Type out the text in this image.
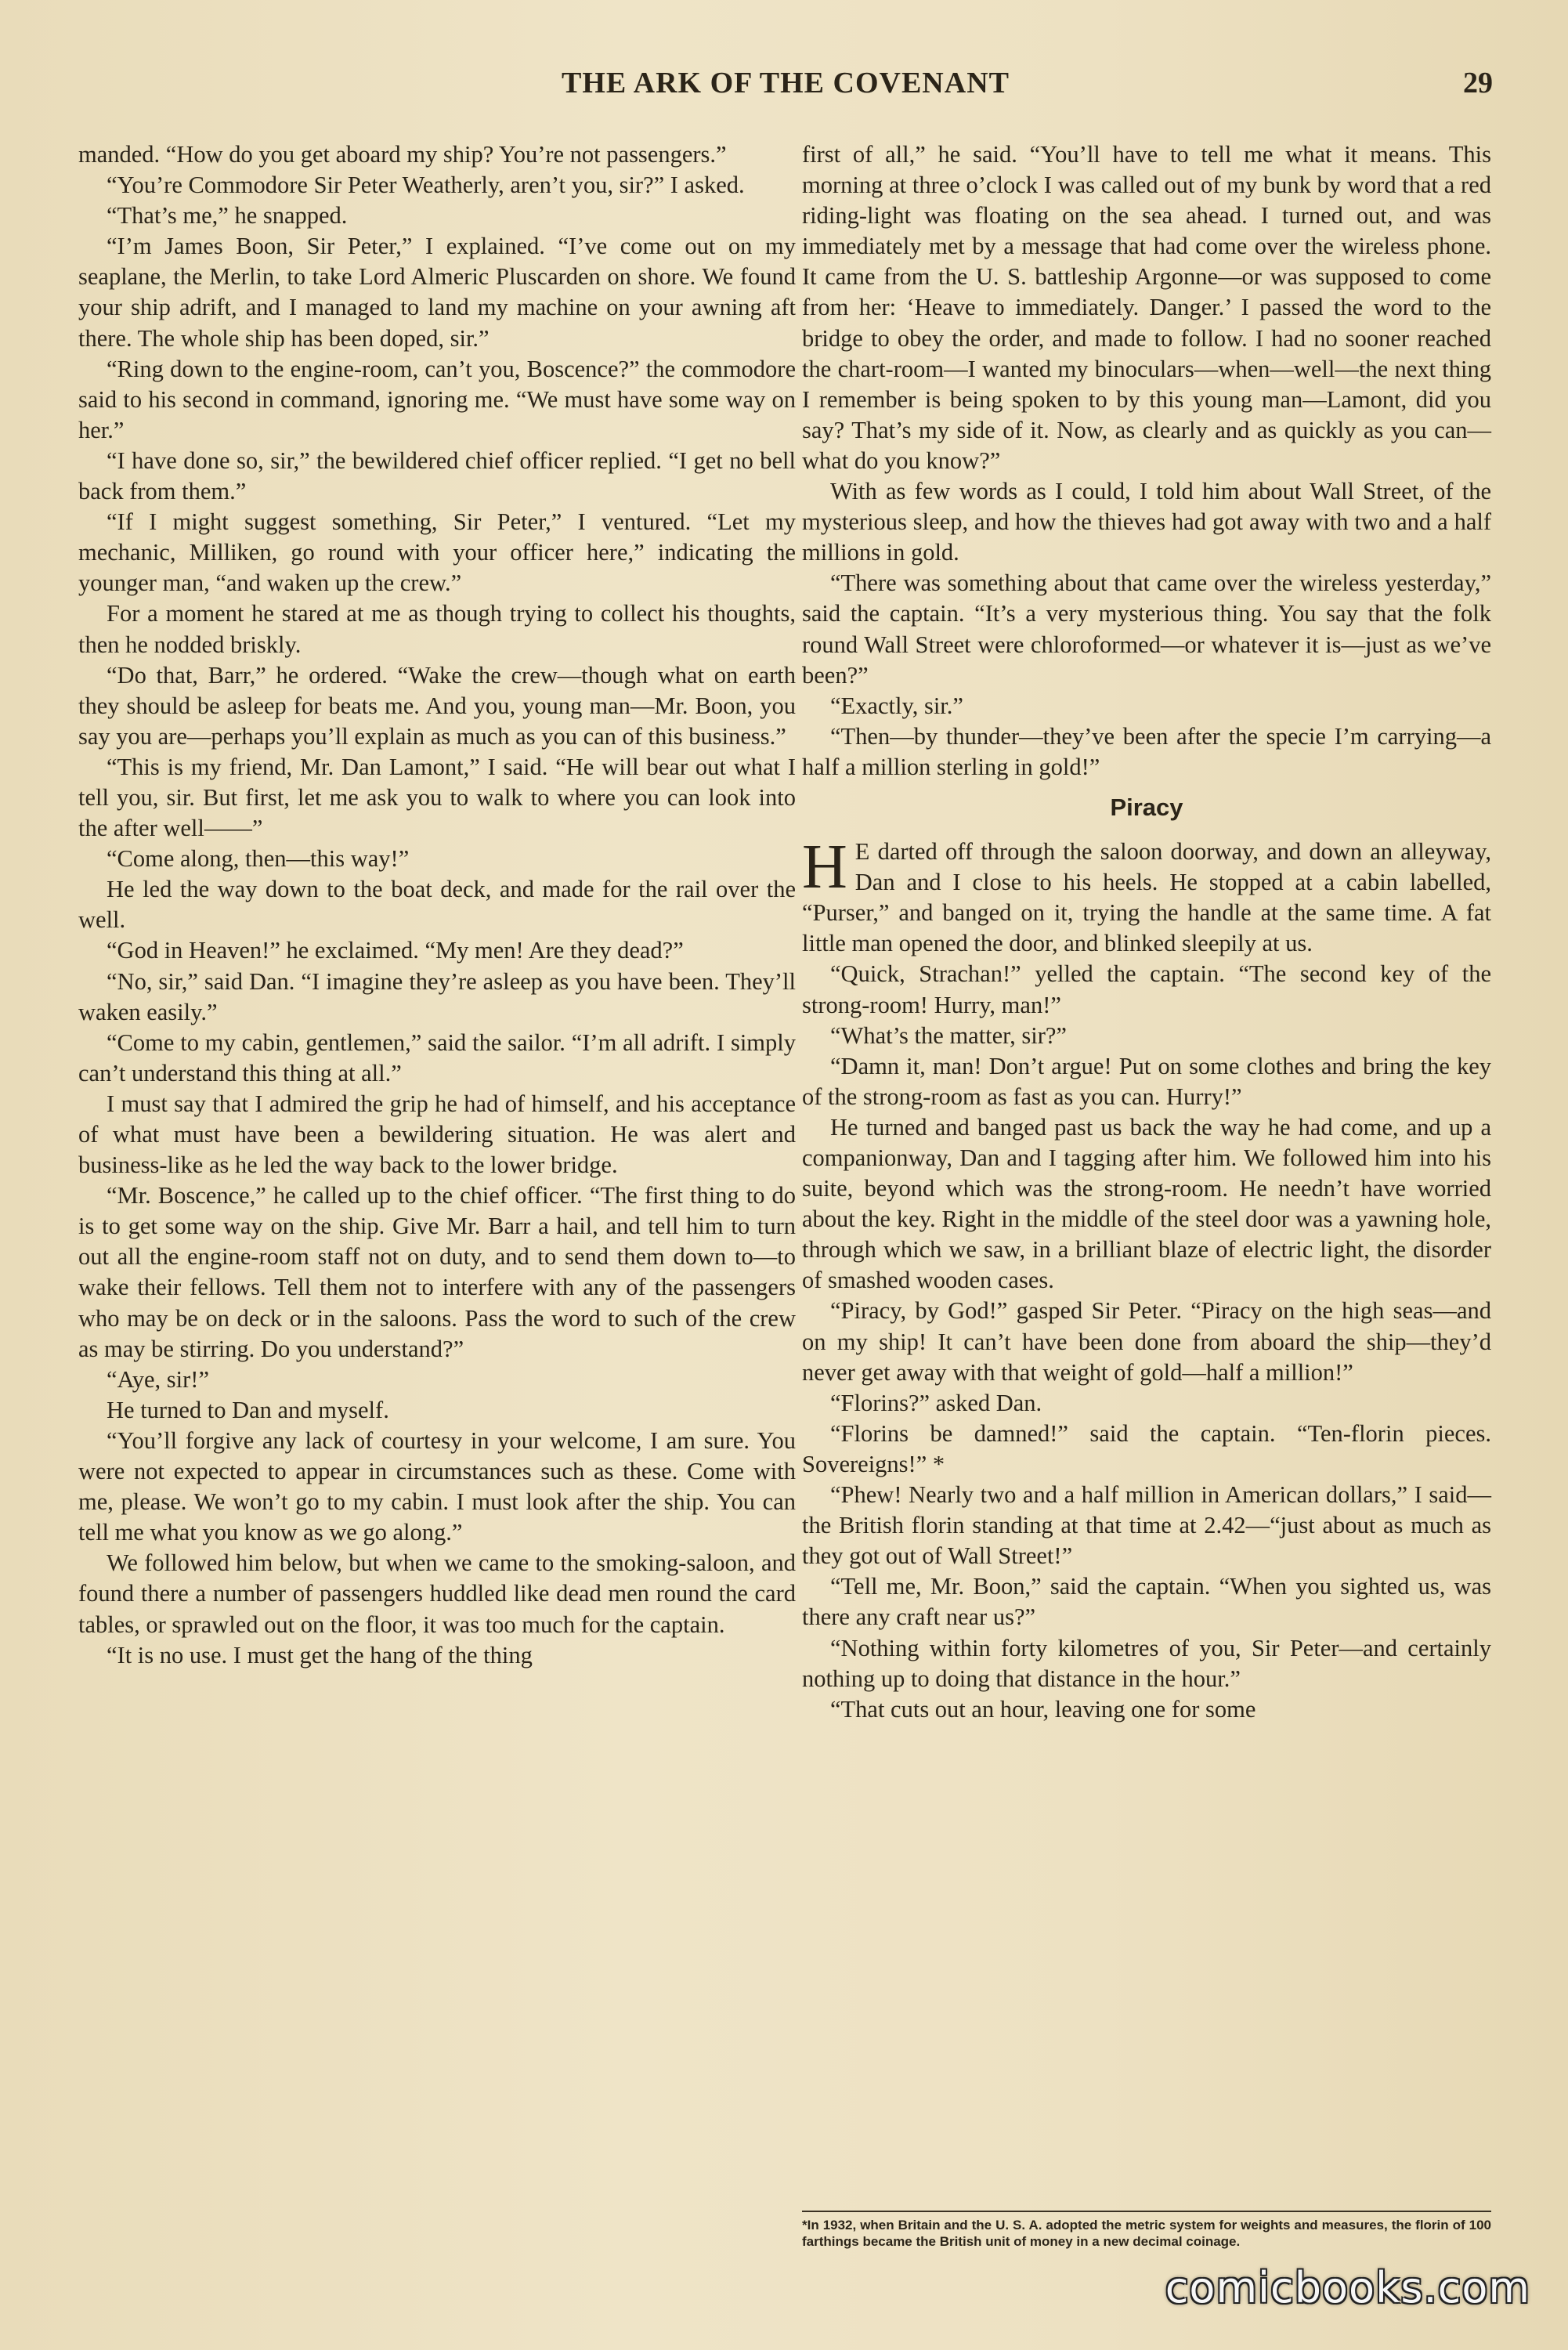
THE ARK OF THE COVENANT	29

manded. “How do you get aboard my ship? You’re not passengers.”

“You’re Commodore Sir Peter Weatherly, aren’t you, sir?” I asked.

“That’s me,” he snapped.

“I’m James Boon, Sir Peter,” I explained. “I’ve come out on my seaplane, the Merlin, to take Lord Almeric Pluscarden on shore. We found your ship adrift, and I managed to land my machine on your awning aft there. The whole ship has been doped, sir.”

“Ring down to the engine-room, can’t you, Boscence?” the commodore said to his second in command, ignoring me. “We must have some way on her.”

“I have done so, sir,” the bewildered chief officer replied. “I get no bell back from them.”

“If I might suggest something, Sir Peter,” I ventured. “Let my mechanic, Milliken, go round with your officer here,” indicating the younger man, “and waken up the crew.”

For a moment he stared at me as though trying to collect his thoughts, then he nodded briskly.

“Do that, Barr,” he ordered. “Wake the crew—though what on earth they should be asleep for beats me. And you, young man—Mr. Boon, you say you are—perhaps you’ll explain as much as you can of this business.”

“This is my friend, Mr. Dan Lamont,” I said. “He will bear out what I tell you, sir. But first, let me ask you to walk to where you can look into the after well——”

“Come along, then—this way!”

He led the way down to the boat deck, and made for the rail over the well.

“God in Heaven!” he exclaimed. “My men! Are they dead?”

“No, sir,” said Dan. “I imagine they’re asleep as you have been. They’ll waken easily.”

“Come to my cabin, gentlemen,” said the sailor. “I’m all adrift. I simply can’t understand this thing at all.”

I must say that I admired the grip he had of himself, and his acceptance of what must have been a bewildering situation. He was alert and business-like as he led the way back to the lower bridge.

“Mr. Boscence,” he called up to the chief officer. “The first thing to do is to get some way on the ship. Give Mr. Barr a hail, and tell him to turn out all the engine-room staff not on duty, and to send them down to—to wake their fellows. Tell them not to interfere with any of the passengers who may be on deck or in the saloons. Pass the word to such of the crew as may be stirring. Do you understand?”

“Aye, sir!”

He turned to Dan and myself.

“You’ll forgive any lack of courtesy in your welcome, I am sure. You were not expected to appear in circumstances such as these. Come with me, please. We won’t go to my cabin. I must look after the ship. You can tell me what you know as we go along.”

We followed him below, but when we came to the smoking-saloon, and found there a number of passengers huddled like dead men round the card tables, or sprawled out on the floor, it was too much for the captain.

“It is no use. I must get the hang of the thing

first of all,” he said. “You’ll have to tell me what it means. This morning at three o’clock I was called out of my bunk by word that a red riding-light was floating on the sea ahead. I turned out, and was immediately met by a message that had come over the wireless phone. It came from the U. S. battleship Argonne—or was supposed to come from her: ‘Heave to immediately. Danger.’ I passed the word to the bridge to obey the order, and made to follow. I had no sooner reached the chart-room—I wanted my binoculars—when—well—the next thing I remember is being spoken to by this young man—Lamont, did you say? That’s my side of it. Now, as clearly and as quickly as you can—what do you know?”

With as few words as I could, I told him about Wall Street, of the mysterious sleep, and how the thieves had got away with two and a half millions in gold.

“There was something about that came over the wireless yesterday,” said the captain. “It’s a very mysterious thing. You say that the folk round Wall Street were chloroformed—or whatever it is—just as we’ve been?”

“Exactly, sir.”

“Then—by thunder—they’ve been after the specie I’m carrying—a half a million sterling in gold!”

Piracy

H E darted off through the saloon doorway, and down an alleyway, Dan and I close to his heels. He stopped at a cabin labelled, “Purser,” and banged on it, trying the handle at the same time. A fat little man opened the door, and blinked sleepily at us.

“Quick, Strachan!” yelled the captain. “The second key of the strong-room! Hurry, man!”

“What’s the matter, sir?”

“Damn it, man! Don’t argue! Put on some clothes and bring the key of the strong-room as fast as you can. Hurry!”

He turned and banged past us back the way he had come, and up a companionway, Dan and I tagging after him. We followed him into his suite, beyond which was the strong-room. He needn’t have worried about the key. Right in the middle of the steel door was a yawning hole, through which we saw, in a brilliant blaze of electric light, the disorder of smashed wooden cases.

“Piracy, by God!” gasped Sir Peter. “Piracy on the high seas—and on my ship! It can’t have been done from aboard the ship—they’d never get away with that weight of gold—half a million!”

“Florins?” asked Dan.

“Florins be damned!” said the captain. “Ten-florin pieces. Sovereigns!” *

“Phew! Nearly two and a half million in American dollars,” I said—the British florin standing at that time at 2.42—“just about as much as they got out of Wall Street!”

“Tell me, Mr. Boon,” said the captain. “When you sighted us, was there any craft near us?”

“Nothing within forty kilometres of you, Sir Peter—and certainly nothing up to doing that distance in the hour.”

“That cuts out an hour, leaving one for some

*In 1932, when Britain and the U. S. A. adopted the metric system for weights and measures, the florin of 100 farthings became the British unit of money in a new decimal coinage.
comicbooks.com
